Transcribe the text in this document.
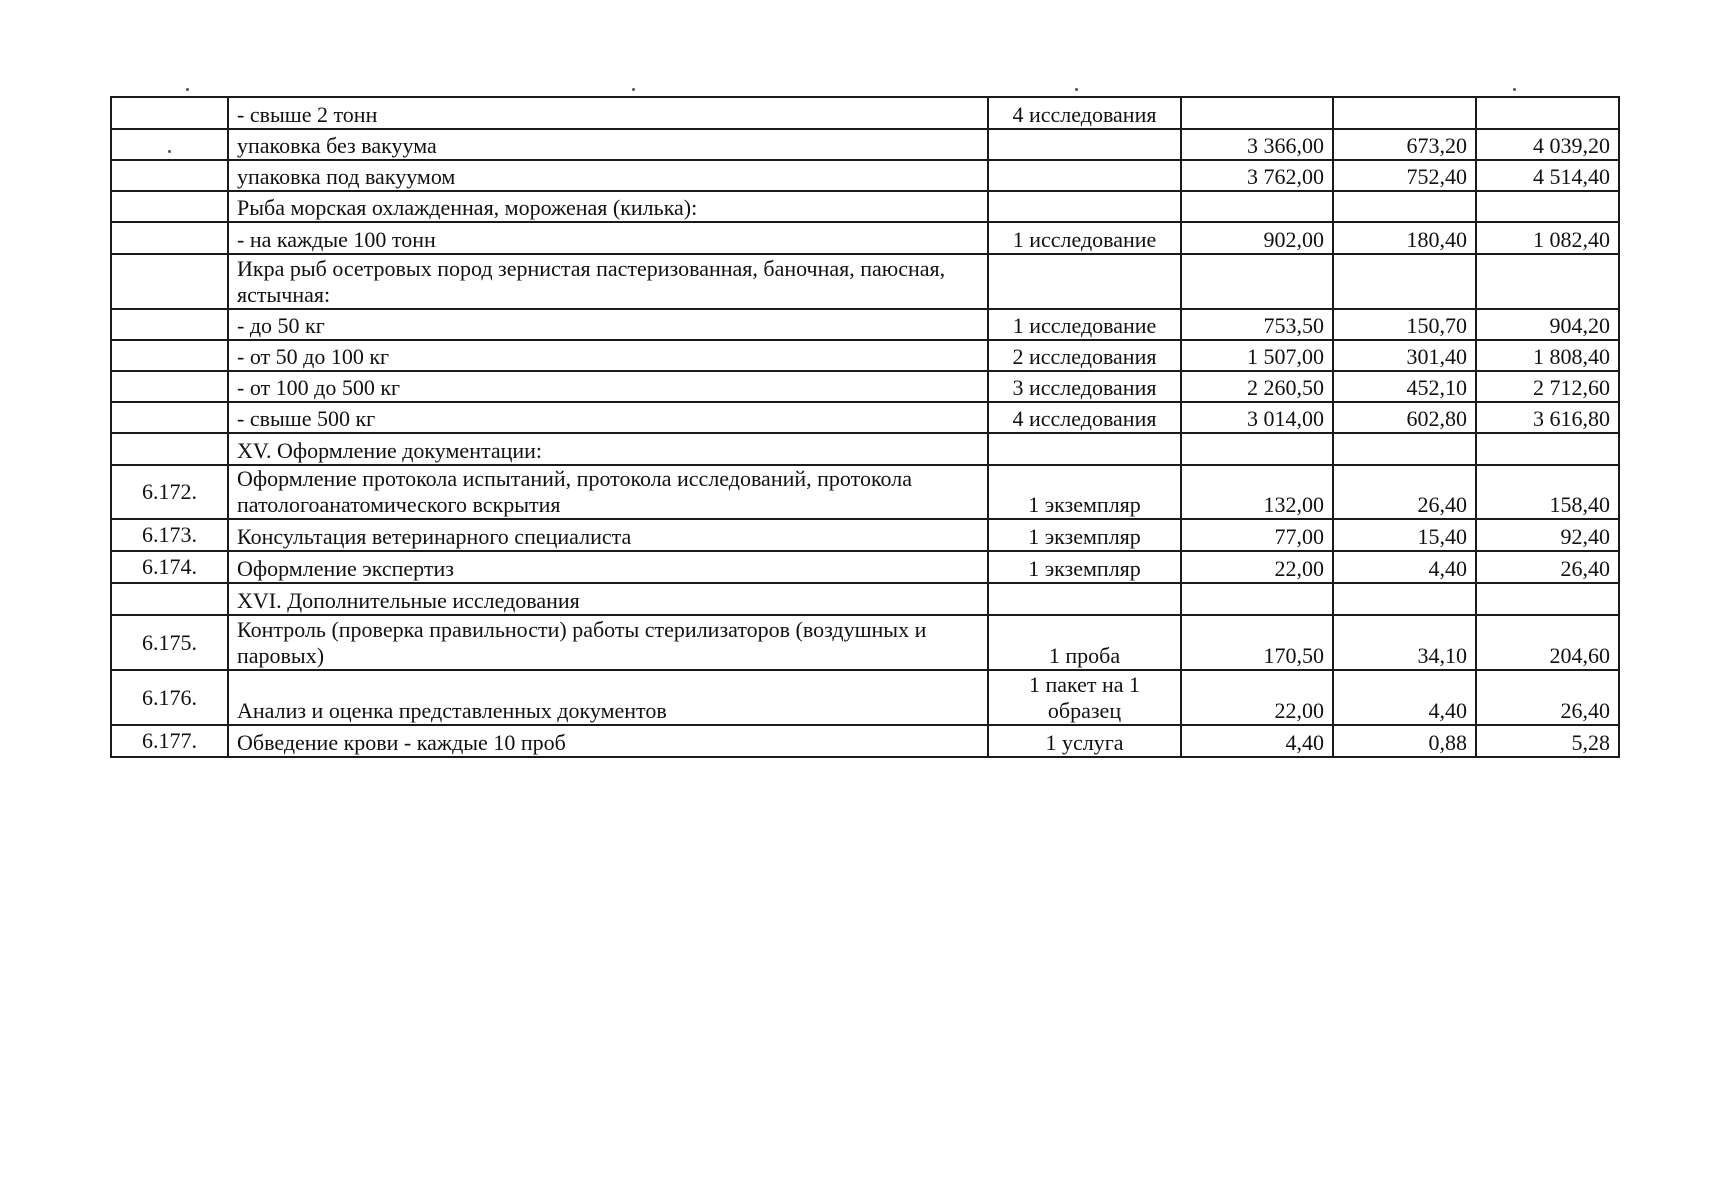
	- свыше 2 тонн	4 исследования			
	упаковка без вакуума		3 366,00	673,20	4 039,20
	упаковка под вакуумом		3 762,00	752,40	4 514,40
	Рыба морская охлажденная, мороженая (килька):				
	- на каждые 100 тонн	1 исследование	902,00	180,40	1 082,40
	Икра рыб осетровых пород зернистая пастеризованная, баночная, паюсная, ястычная:				
	- до 50 кг	1 исследование	753,50	150,70	904,20
	- от 50 до 100 кг	2 исследования	1 507,00	301,40	1 808,40
	- от 100 до 500 кг	3 исследования	2 260,50	452,10	2 712,60
	- свыше 500 кг	4 исследования	3 014,00	602,80	3 616,80
	XV. Оформление документации:				
6.172.	Оформление протокола испытаний, протокола исследований, протокола патологоанатомического вскрытия	1 экземпляр	132,00	26,40	158,40
6.173.	Консультация ветеринарного специалиста	1 экземпляр	77,00	15,40	92,40
6.174.	Оформление экспертиз	1 экземпляр	22,00	4,40	26,40
	XVI. Дополнительные исследования				
6.175.	Контроль (проверка правильности) работы стерилизаторов (воздушных и паровых)	1 проба	170,50	34,10	204,60
6.176.	Анализ и оценка представленных документов	1 пакет на 1 образец	22,00	4,40	26,40
6.177.	Обведение крови - каждые 10 проб	1 услуга	4,40	0,88	5,28
